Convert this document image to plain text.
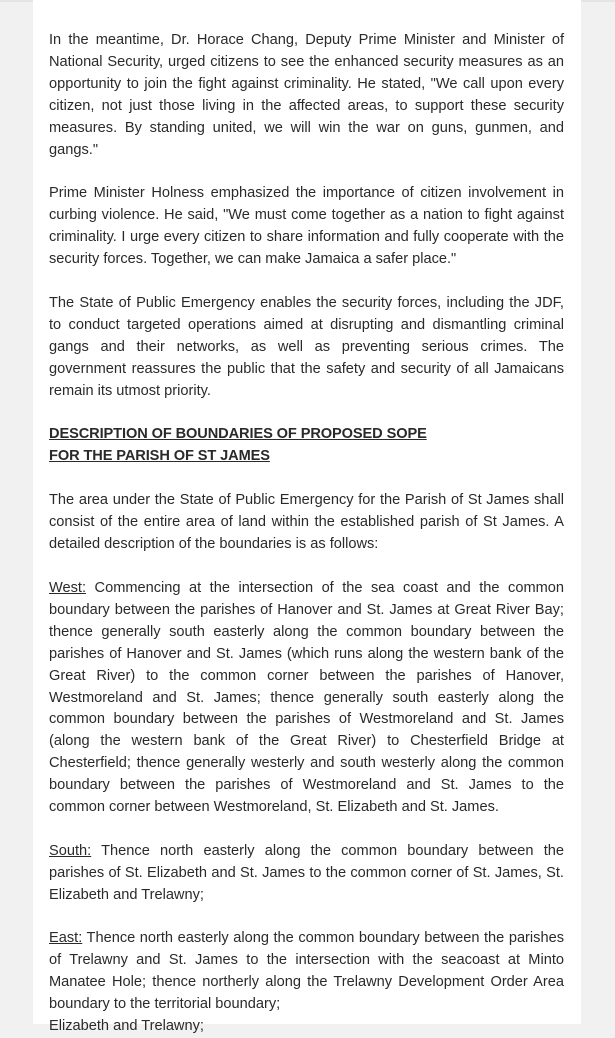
In the meantime, Dr. Horace Chang, Deputy Prime Minister and Minister of National Security, urged citizens to see the enhanced security measures as an opportunity to join the fight against criminality. He stated, "We call upon every citizen, not just those living in the affected areas, to support these security measures. By standing united, we will win the war on guns, gunmen, and gangs."

Prime Minister Holness emphasized the importance of citizen involvement in curbing violence. He said, "We must come together as a nation to fight against criminality. I urge every citizen to share information and fully cooperate with the security forces. Together, we can make Jamaica a safer place."

The State of Public Emergency enables the security forces, including the JDF, to conduct targeted operations aimed at disrupting and dismantling criminal gangs and their networks, as well as preventing serious crimes. The government reassures the public that the safety and security of all Jamaicans remain its utmost priority.

DESCRIPTION OF BOUNDARIES OF PROPOSED SOPE
FOR THE PARISH OF ST JAMES

The area under the State of Public Emergency for the Parish of St James shall consist of the entire area of land within the established parish of St James. A detailed description of the boundaries is as follows:

West: Commencing at the intersection of the sea coast and the common boundary between the parishes of Hanover and St. James at Great River Bay; thence generally south easterly along the common boundary between the parishes of Hanover and St. James (which runs along the western bank of the Great River) to the common corner between the parishes of Hanover, Westmoreland and St. James; thence generally south easterly along the common boundary between the parishes of Westmoreland and St. James (along the western bank of the Great River) to Chesterfield Bridge at Chesterfield; thence generally westerly and south westerly along the common boundary between the parishes of Westmoreland and St. James to the common corner between Westmoreland, St. Elizabeth and St. James.

South: Thence north easterly along the common boundary between the parishes of St. Elizabeth and St. James to the common corner of St. James, St. Elizabeth and Trelawny;

East: Thence north easterly along the common boundary between the parishes of Trelawny and St. James to the intersection with the seacoast at Minto Manatee Hole; thence northerly along the Trelawny Development Order Area boundary to the territorial boundary;

Elizabeth and Trelawny;
